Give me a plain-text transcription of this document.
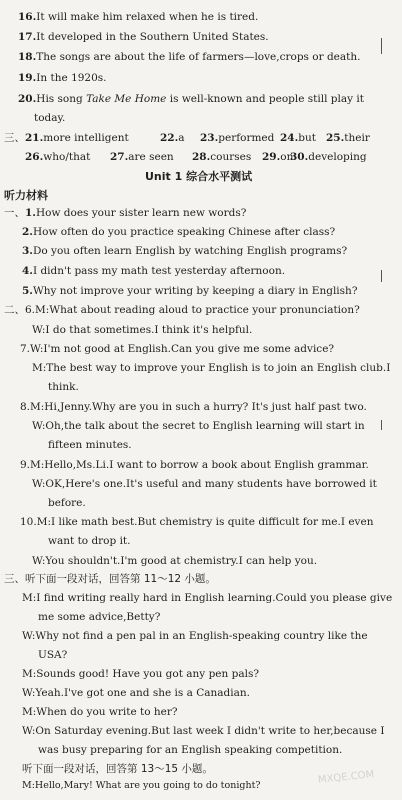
16.It will make him relaxed when he is tired.
17.It developed in the Southern United States.
18.The songs are about the life of farmers—love,crops or death.
19.In the 1920s.
20.His song Take Me Home is well-known and people still play it
today.
三、21.more intelligent	22.a 23.performed 24.but 25.their
26.who/that 27.are seen 28.courses 29.on
30.developing
Unit 1 综合水平测试
听力材料
一、1.How does your sister learn new words?
2.How often do you practice speaking Chinese after class?
3.Do you often learn English by watching English programs?
4.I didn't pass my math test yesterday afternoon.
5.Why not improve your writing by keeping a diary in English?
二、6.M:What about reading aloud to practice your pronunciation?
W:I do that sometimes.I think it's helpful.
7.W:I'm not good at English.Can you give me some advice?
M:The best way to improve your English is to join an English club.I
think.
8.M:Hi,Jenny.Why are you in such a hurry? It's just half past two.
W:Oh,the talk about the secret to English learning will start in
fifteen minutes.
9.M:Hello,Ms.Li.I want to borrow a book about English grammar.
W:OK,Here's one.It's useful and many students have borrowed it
before.
10.M:I like math best.But chemistry is quite difficult for me.I even
want to drop it.
W:You shouldn't.I'm good at chemistry.I can help you.
三、听下面一段对话，回答第 11～12 小题。
M:I find writing really hard in English learning.Could you please give
me some advice,Betty?
W:Why not find a pen pal in an English-speaking country like the
USA?
M:Sounds good! Have you got any pen pals?
W:Yeah.I've got one and she is a Canadian.
M:When do you write to her?
W:On Saturday evening.But last week I didn't write to her,because I
was busy preparing for an English speaking competition.
听下面一段对话，回答第 13～15 小题。
M:Hello,Mary! What are you going to do tonight?	MXQE.COM
